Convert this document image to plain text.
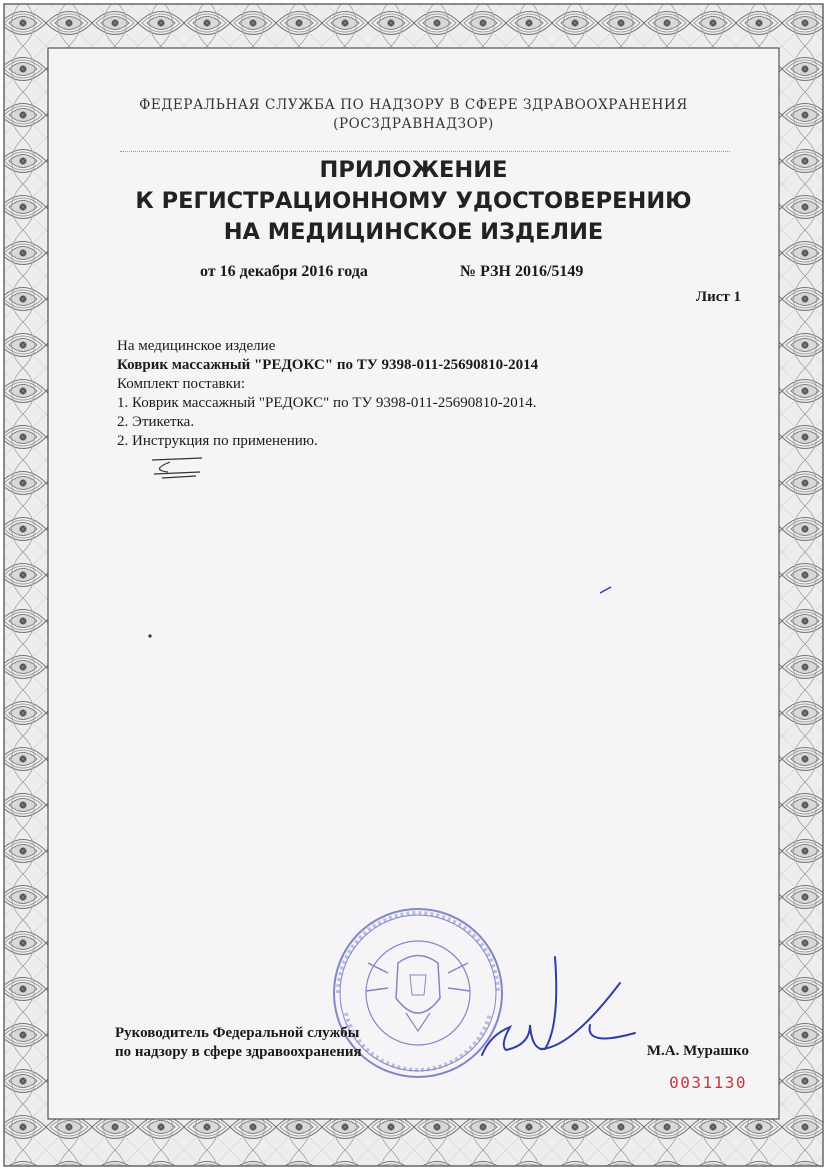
ФЕДЕРАЛЬНАЯ СЛУЖБА ПО НАДЗОРУ В СФЕРЕ ЗДРАВООХРАНЕНИЯ
(РОСЗДРАВНАДЗОР)
ПРИЛОЖЕНИЕ
К РЕГИСТРАЦИОННОМУ УДОСТОВЕРЕНИЮ
НА МЕДИЦИНСКОЕ ИЗДЕЛИЕ
от 16 декабря 2016 года	№ РЗН 2016/5149
Лист 1
На медицинское изделие
Коврик массажный "РЕДОКС" по ТУ 9398-011-25690810-2014
Комплект поставки:
1. Коврик массажный "РЕДОКС" по ТУ 9398-011-25690810-2014.
2. Этикетка.
2. Инструкция по применению.
Руководитель Федеральной службы
по надзору в сфере здравоохранения	М.А. Мурашко
0031130
